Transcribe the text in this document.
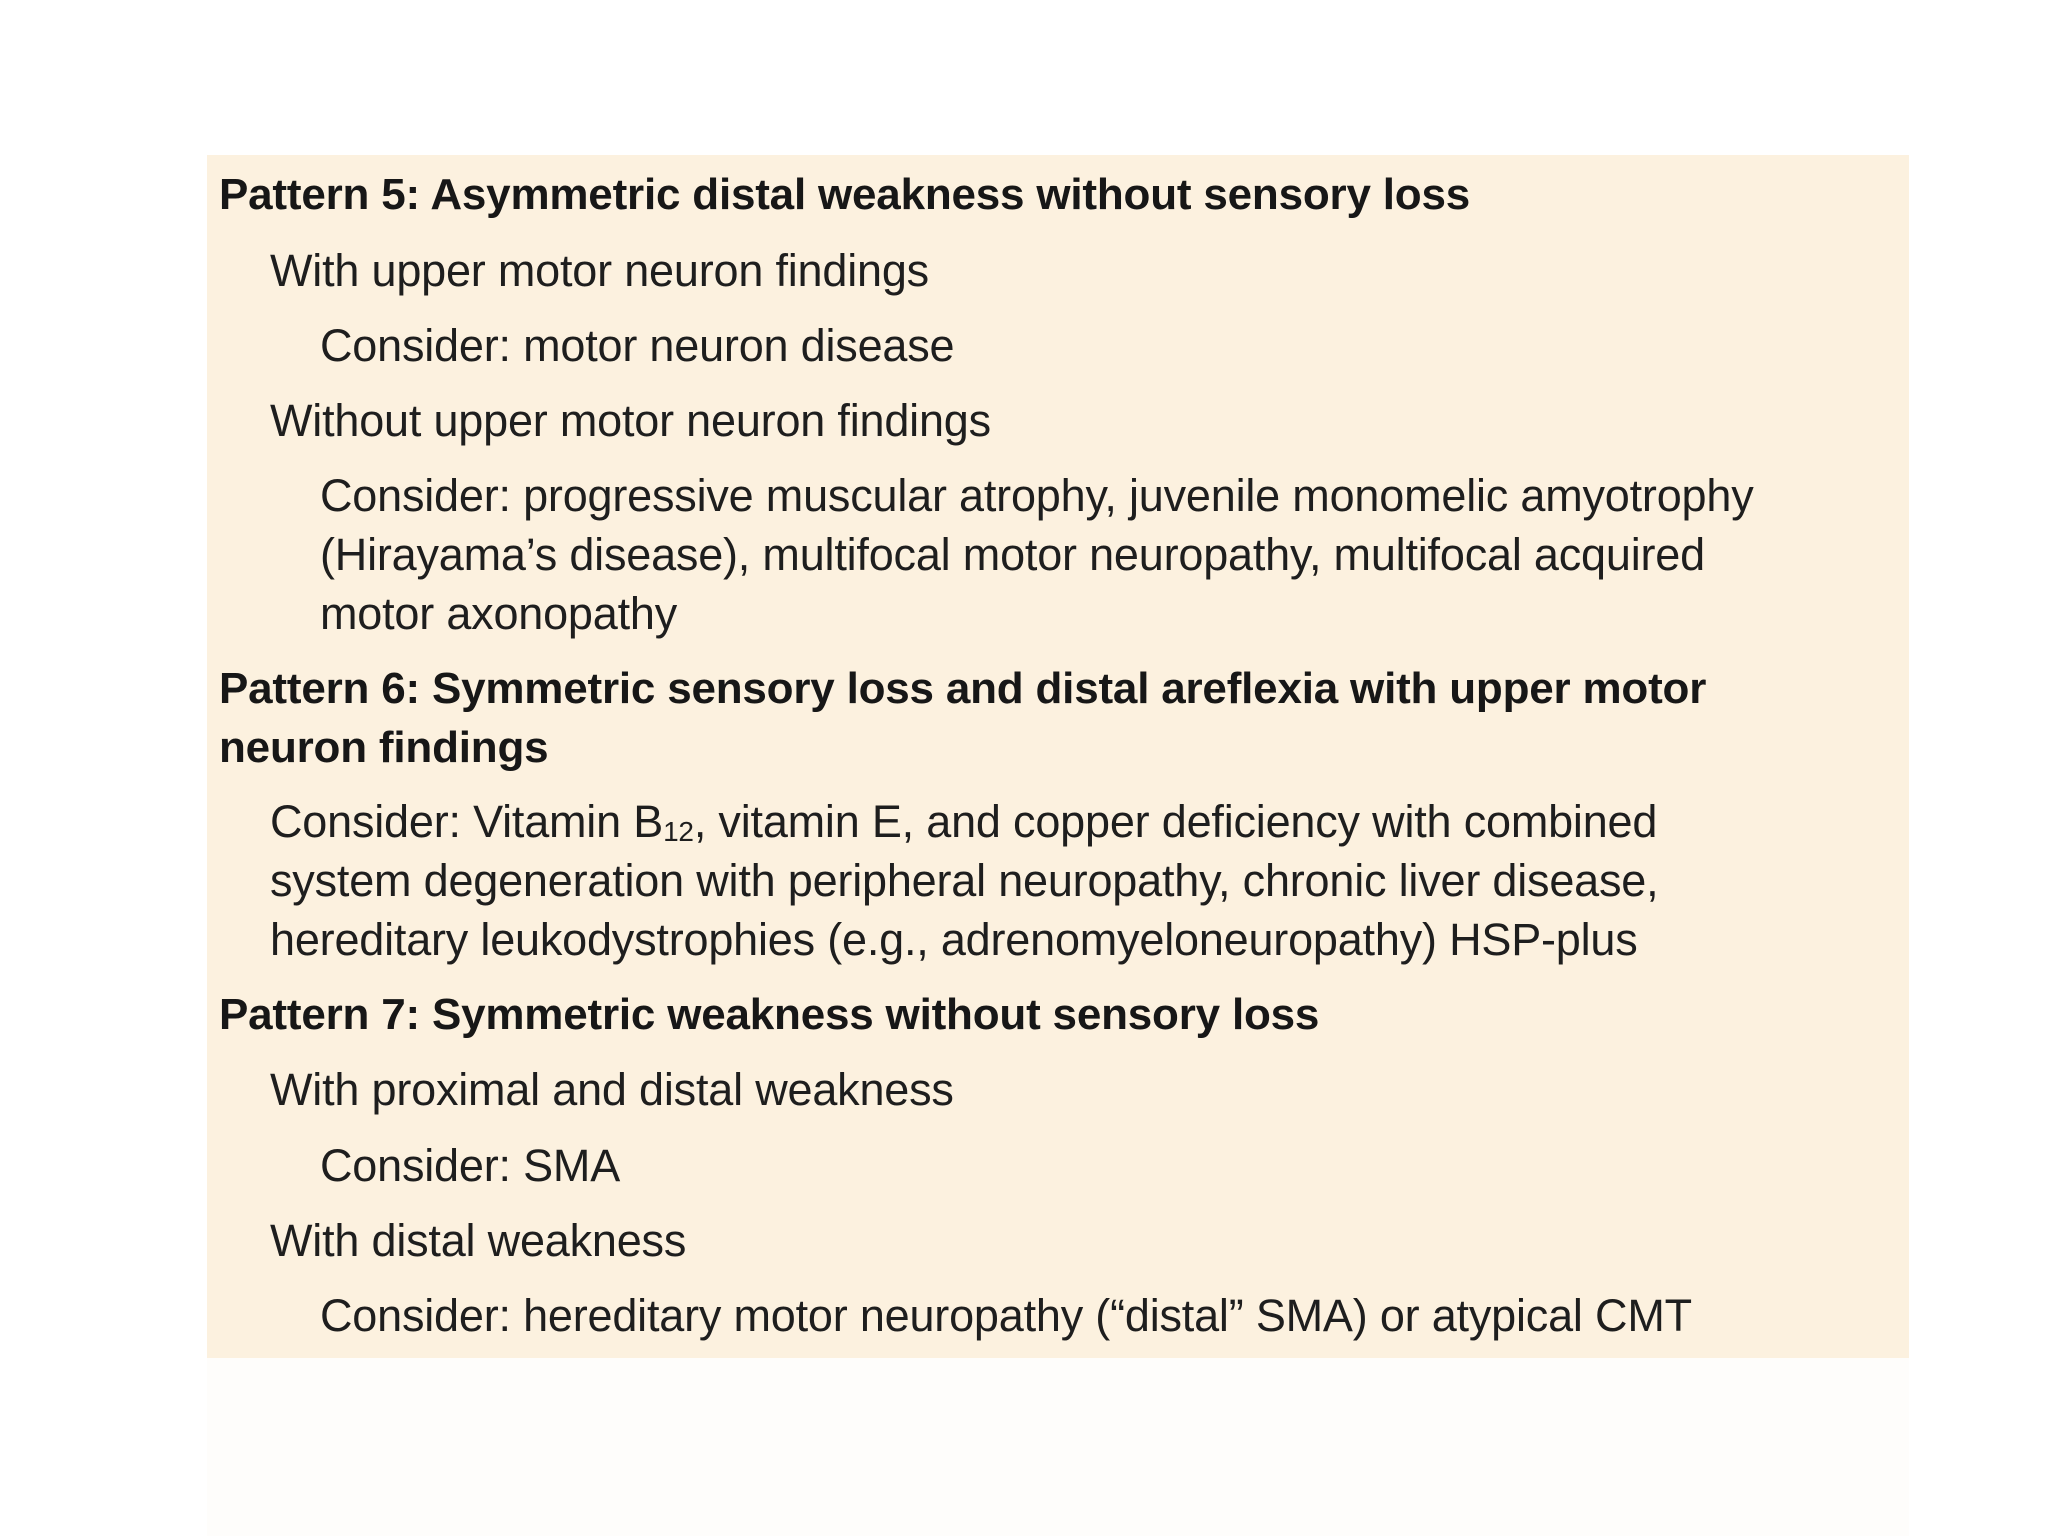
Pattern 5: Asymmetric distal weakness without sensory loss
With upper motor neuron findings
Consider: motor neuron disease
Without upper motor neuron findings
Consider: progressive muscular atrophy, juvenile monomelic amyotrophy
(Hirayama’s disease), multifocal motor neuropathy, multifocal acquired
motor axonopathy
Pattern 6: Symmetric sensory loss and distal areflexia with upper motor
neuron findings
Consider: Vitamin $B_{12}$, vitamin E, and copper deficiency with combined
system degeneration with peripheral neuropathy, chronic liver disease,
hereditary leukodystrophies (e.g., adrenomyeloneuropathy) HSP-plus
Pattern 7: Symmetric weakness without sensory loss
With proximal and distal weakness
Consider: SMA
With distal weakness
Consider: hereditary motor neuropathy (“distal” SMA) or atypical CMT
